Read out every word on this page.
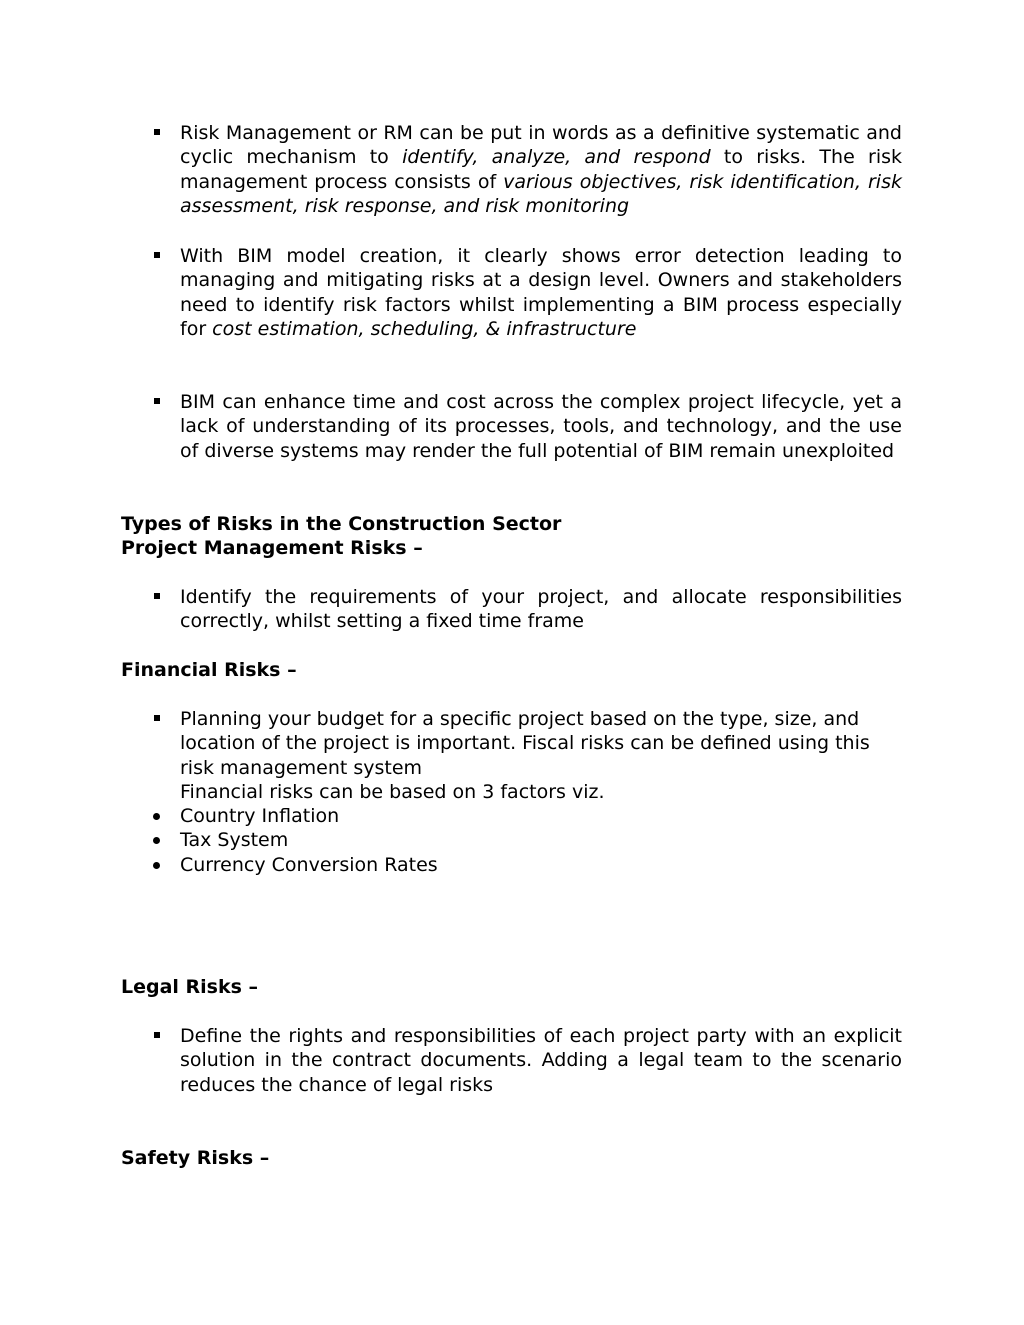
Risk Management or RM can be put in words as a definitive systematic and cyclic mechanism to identify, analyze, and respond to risks. The risk management process consists of various objectives, risk identification, risk assessment, risk response, and risk monitoring

With BIM model creation, it clearly shows error detection leading to managing and mitigating risks at a design level. Owners and stakeholders need to identify risk factors whilst implementing a BIM process especially for cost estimation, scheduling, & infrastructure

BIM can enhance time and cost across the complex project lifecycle, yet a lack of understanding of its processes, tools, and technology, and the use of diverse systems may render the full potential of BIM remain unexploited

Types of Risks in the Construction Sector

Project Management Risks –

Identify the requirements of your project, and allocate responsibilities correctly, whilst setting a fixed time frame

Financial Risks –

Planning your budget for a specific project based on the type, size, and location of the project is important. Fiscal risks can be defined using this risk management system

Financial risks can be based on 3 factors viz.

Country Inflation

Tax System

Currency Conversion Rates

Legal Risks –

Define the rights and responsibilities of each project party with an explicit solution in the contract documents. Adding a legal team to the scenario reduces the chance of legal risks

Safety Risks –
